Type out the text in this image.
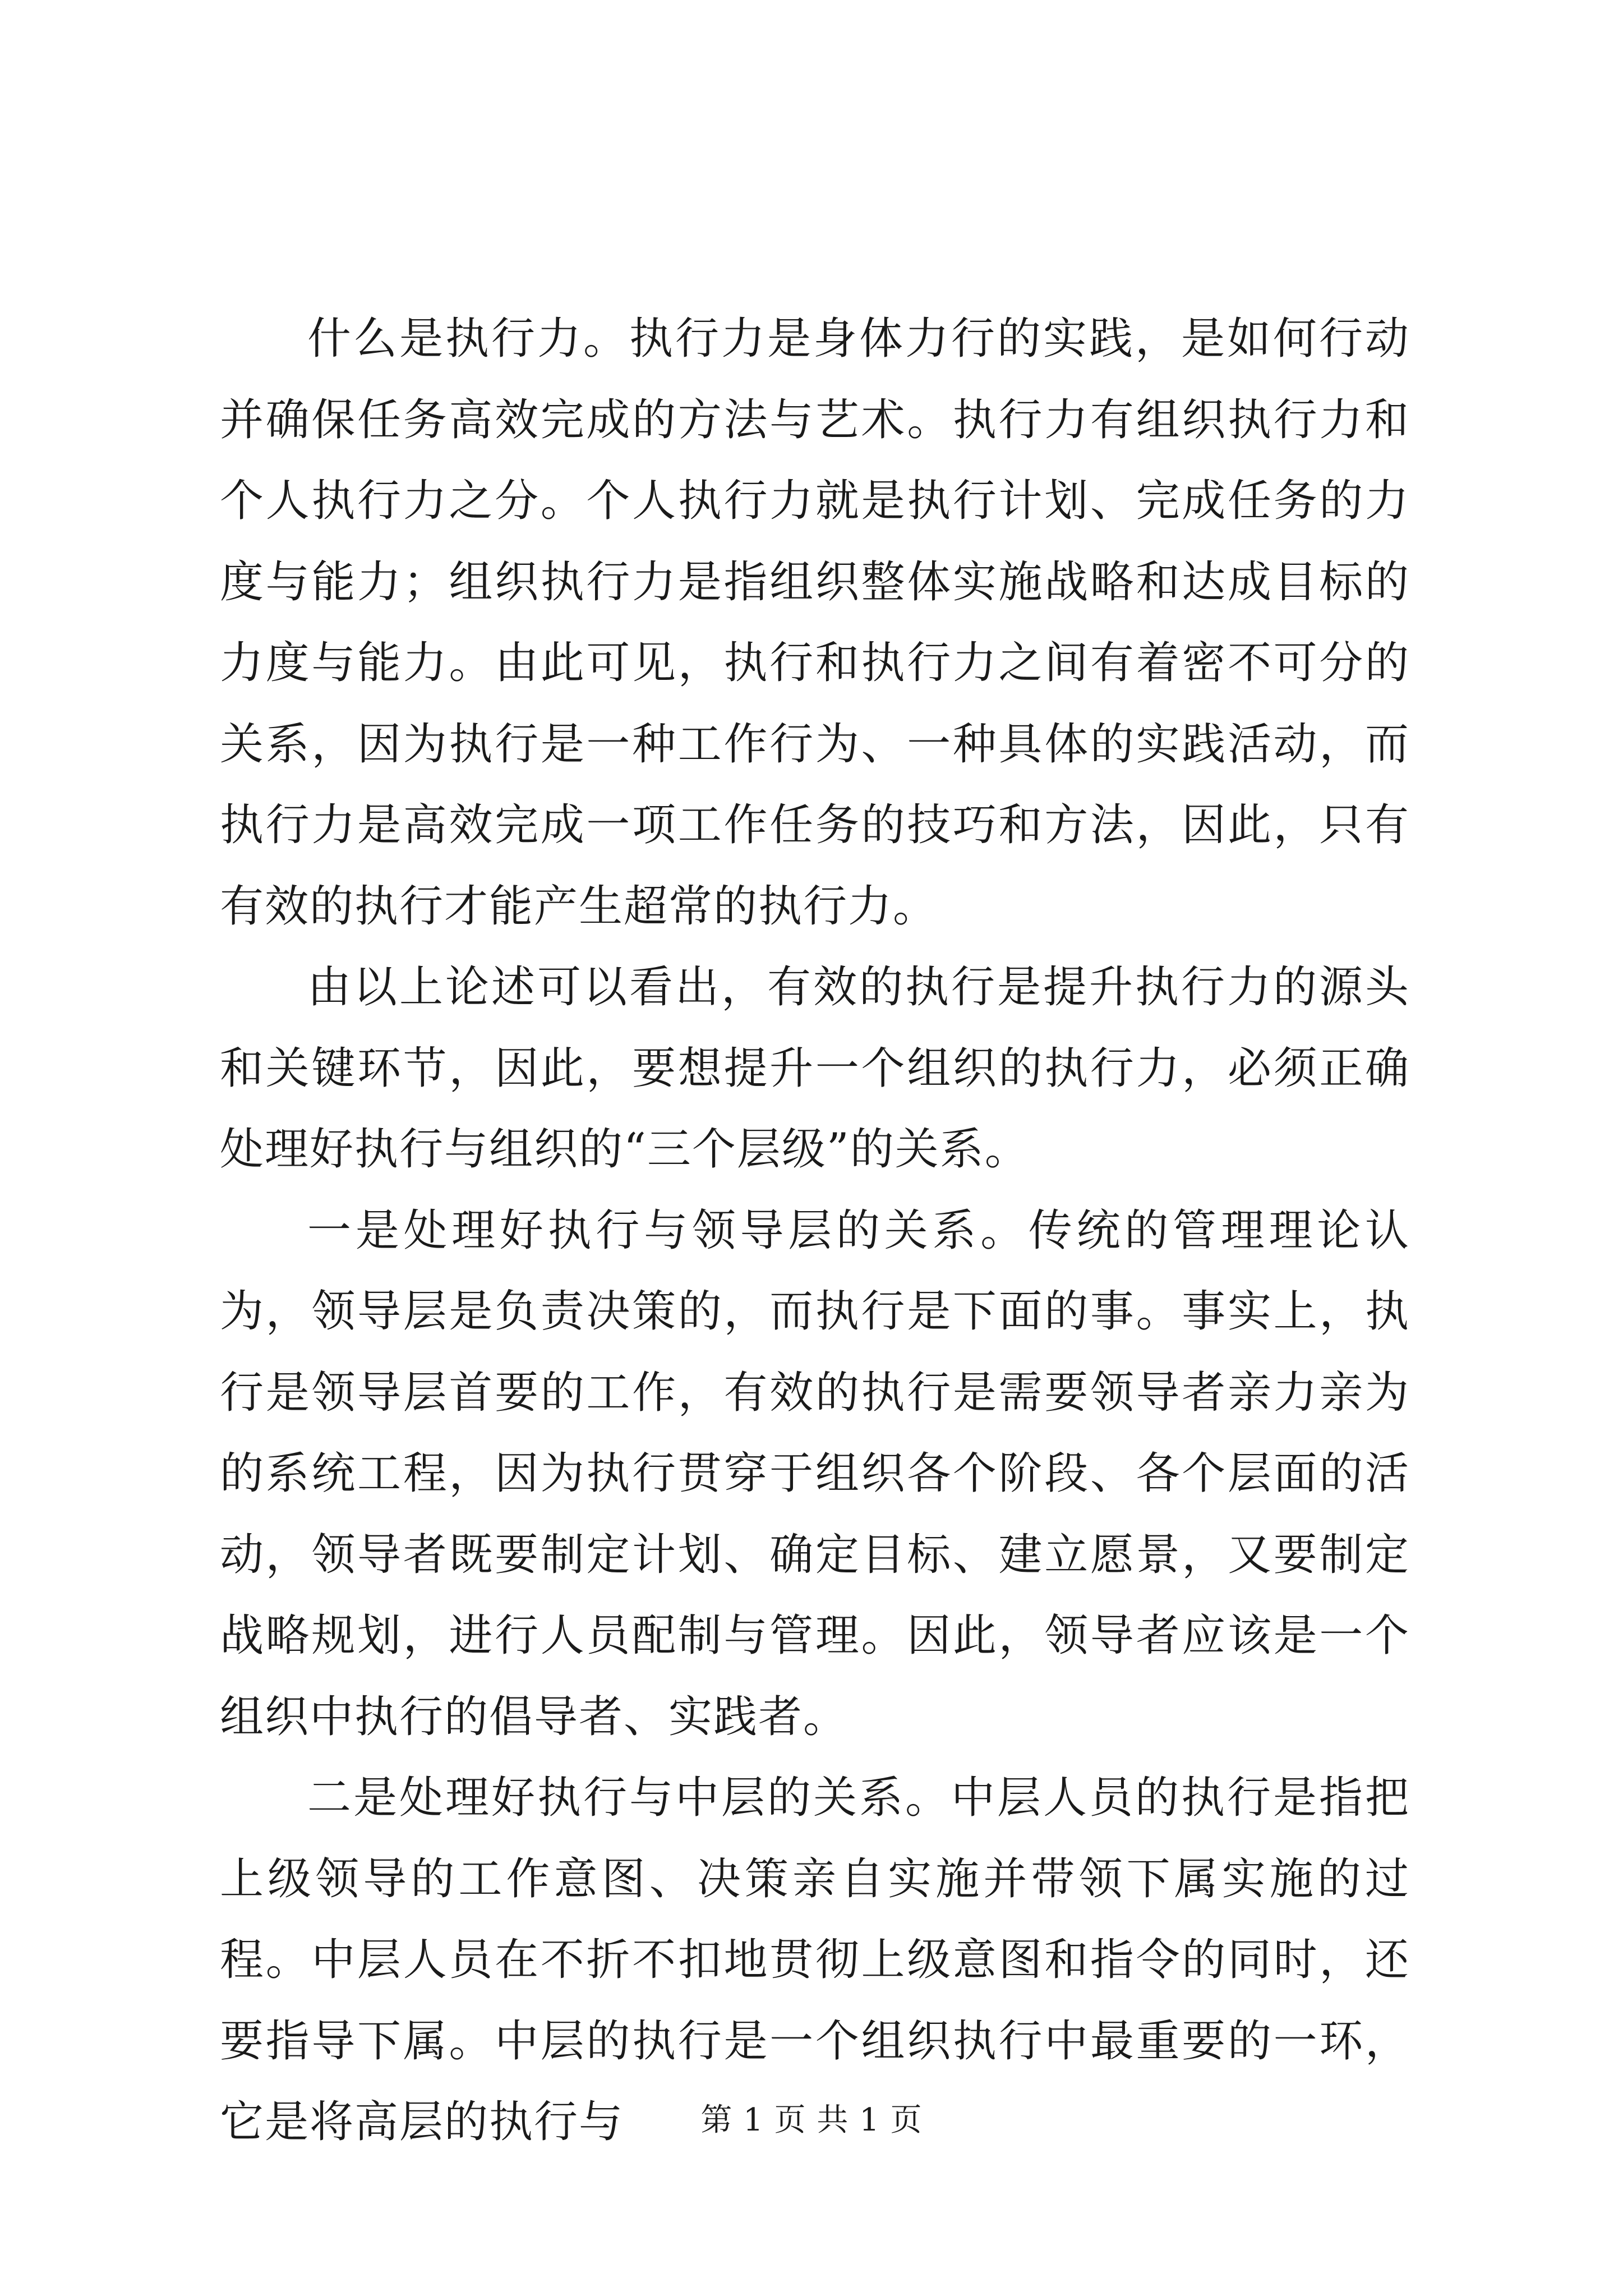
什么是执行力。执行力是身体力行的实践，是如何行动并确保任务高效完成的方法与艺术。执行力有组织执行力和个人执行力之分。个人执行力就是执行计划、完成任务的力度与能力；组织执行力是指组织整体实施战略和达成目标的力度与能力。由此可见，执行和执行力之间有着密不可分的关系，因为执行是一种工作行为、一种具体的实践活动，而执行力是高效完成一项工作任务的技巧和方法，因此，只有有效的执行才能产生超常的执行力。

由以上论述可以看出，有效的执行是提升执行力的源头和关键环节，因此，要想提升一个组织的执行力，必须正确处理好执行与组织的“三个层级”的关系。

一是处理好执行与领导层的关系。传统的管理理论认为，领导层是负责决策的，而执行是下面的事。事实上，执行是领导层首要的工作，有效的执行是需要领导者亲力亲为的系统工程，因为执行贯穿于组织各个阶段、各个层面的活动，领导者既要制定计划、确定目标、建立愿景，又要制定战略规划，进行人员配制与管理。因此，领导者应该是一个组织中执行的倡导者、实践者。

二是处理好执行与中层的关系。中层人员的执行是指把上级领导的工作意图、决策亲自实施并带领下属实施的过程。中层人员在不折不扣地贯彻上级意图和指令的同时，还要指导下属。中层的执行是一个组织执行中最重要的一环，它是将高层的执行与	第 1 页 共 1 页
